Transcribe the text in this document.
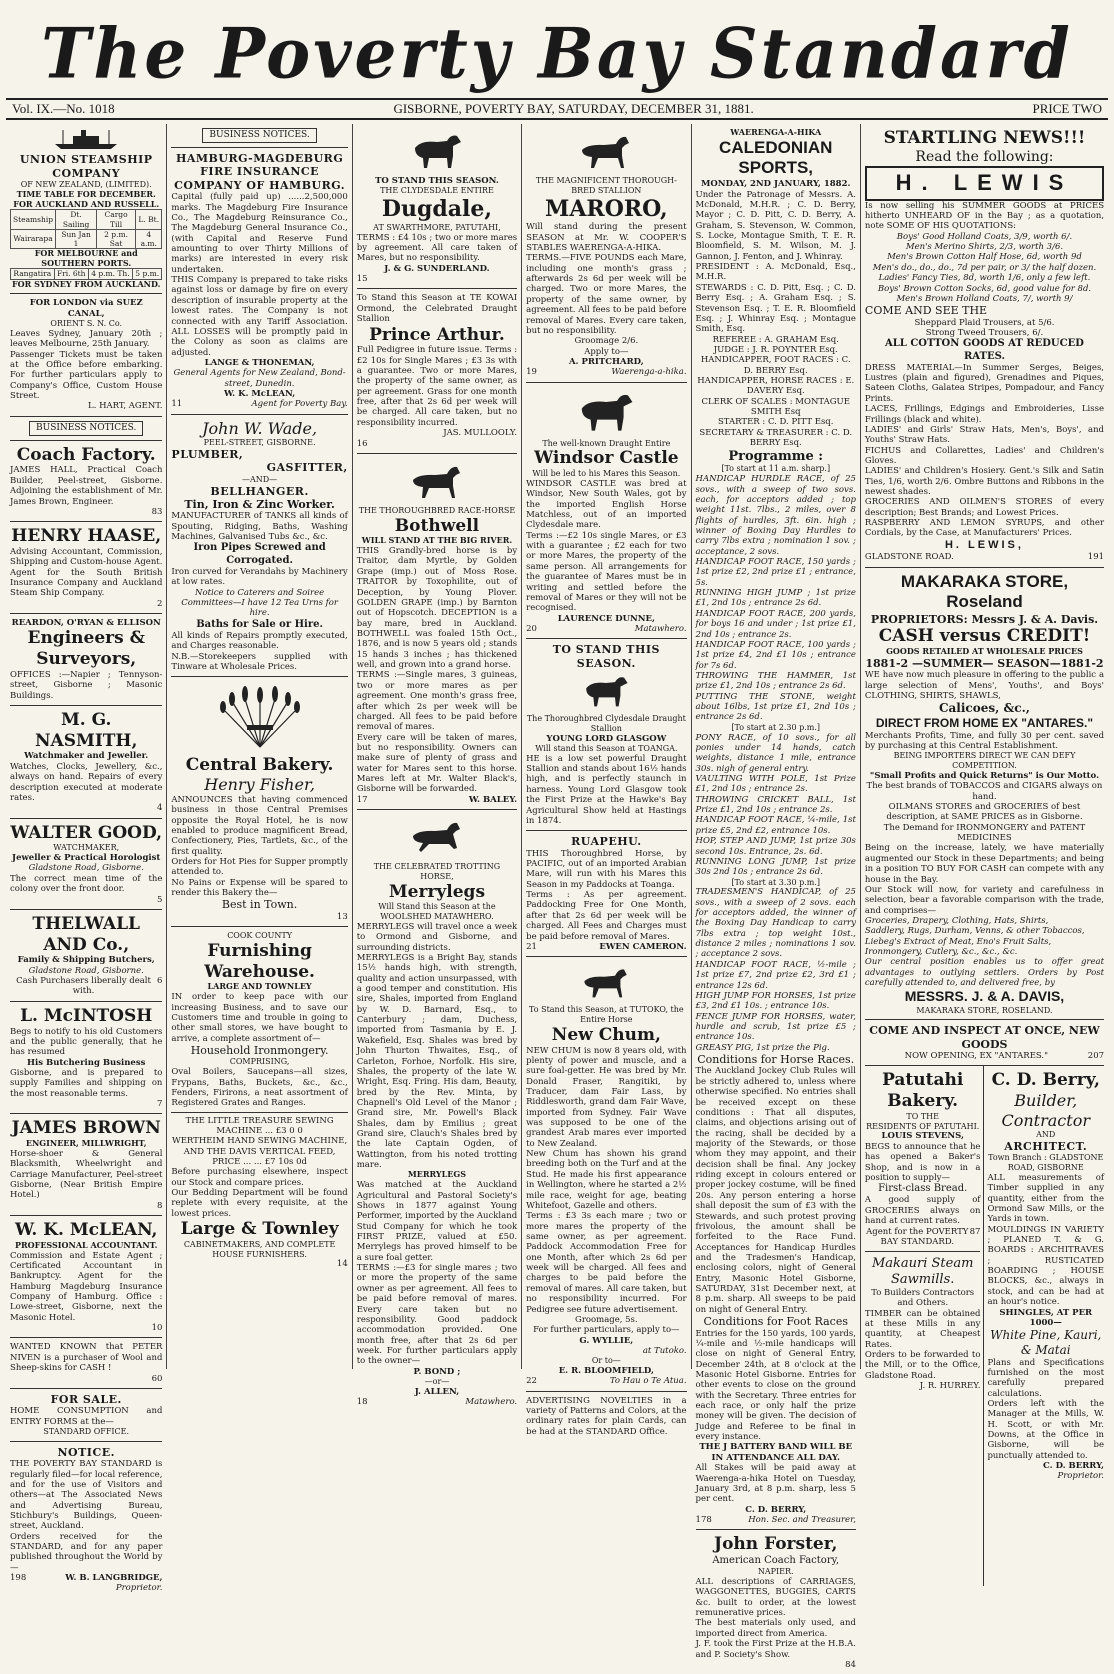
The Poverty Bay Standard
Vol. IX.—No. 1018	GISBORNE, POVERTY BAY, SATURDAY, DECEMBER 31, 1881.	PRICE TWO
UNION STEAMSHIP COMPANY
OF NEW ZEALAND, (LIMITED).
TIME TABLE FOR DECEMBER.
FOR AUCKLAND AND RUSSELL.
Steamship	Dt. Sailing	Cargo Till	L. Bt.
Wairarapa	Sun Jan 1	2 p.m. Sat	4 a.m.
FOR MELBOURNE and SOUTHERN PORTS.
Rangatira	Fri. 6th	4 p.m. Th.	5 p.m.
FOR SYDNEY FROM AUCKLAND.
FOR LONDON via SUEZ CANAL,
ORIENT S. N. Co.
Leaves Sydney, January 20th ; leaves Melbourne, 25th January.
Passenger Tickets must be taken at the Office before embarking. For further particulars apply to Company's Office, Custom House Street.
L. HART, AGENT.
BUSINESS NOTICES.
Coach Factory.
JAMES HALL, Practical Coach Builder, Peel-street, Gisborne. Adjoining the establishment of Mr. James Brown, Engineer.
83
HENRY HAASE,
Advising Accountant, Commission, Shipping and Custom-house Agent. Agent for the South British Insurance Company and Auckland Steam Ship Company.
2
REARDON, O'RYAN & ELLISON
Engineers & Surveyors,
OFFICES :—Napier ; Tennyson-street, Gisborne ; Masonic Buildings.
M. G. NASMITH,
Watchmaker and Jeweller.
Watches, Clocks, Jewellery, &c., always on hand. Repairs of every description executed at moderate rates.
4
WALTER GOOD,
WATCHMAKER,
Jeweller & Practical Horologist
Gladstone Road, Gisborne.
The correct mean time of the colony over the front door.
5
THELWALL AND Co.,
Family & Shipping Butchers,
Gladstone Road, Gisborne.
Cash Purchasers liberally dealt with.
6
L. McINTOSH
Begs to notify to his old Customers and the public generally, that he has resumed
His Butchering Business
Gisborne, and is prepared to supply Families and shipping on the most reasonable terms.
7
JAMES BROWN
ENGINEER, MILLWRIGHT,
Horse-shoer & General Blacksmith, Wheelwright and Carriage Manufacturer, Peel-street Gisborne, (Near British Empire Hotel.)
8
W. K. McLEAN,
PROFESSIONAL ACCOUNTANT.
Commission and Estate Agent ; Certificated Accountant in Bankruptcy. Agent for the Hamburg Magdeburg Insurance Company of Hamburg. Office : Lowe-street, Gisborne, next the Masonic Hotel.
10
WANTED KNOWN that PETER NIVEN is a purchaser of Wool and Sheep-skins for CASH !
60
FOR SALE.
HOME CONSUMPTION and ENTRY FORMS at the—
STANDARD OFFICE.
NOTICE.
THE POVERTY BAY STANDARD is regularly filed—for local reference, and for the use of Visitors and others—at The Associated News and Advertising Bureau, Stichbury's Buildings, Queen-street, Auckland.
Orders received for the STANDARD, and for any paper published throughout the World by—
198	W. B. LANGBRIDGE,
Proprietor.
BUSINESS NOTICES.
HAMBURG-MAGDEBURG FIRE INSURANCE COMPANY OF HAMBURG.
Capital (fully paid up) ......2,500,000 marks. The Magdeburg Fire Insurance Co., The Magdeburg Reinsurance Co., The Magdeburg General Insurance Co., (with Capital and Reserve Fund amounting to over Thirty Millions of marks) are interested in every risk undertaken.
THIS Company is prepared to take risks against loss or damage by fire on every description of insurable property at the lowest rates. The Company is not connected with any Tariff Association. ALL LOSSES will be promptly paid in the Colony as soon as claims are adjusted.
LANGE & THONEMAN,
General Agents for New Zealand, Bond-street, Dunedin.
W. K. McLEAN,
11	Agent for Poverty Bay.
John W. Wade,
PEEL-STREET, GISBORNE.
PLUMBER,
GASFITTER,
—AND—
BELLHANGER.
Tin, Iron & Zinc Worker.
MANUFACTURER of TANKS all kinds of Spouting, Ridging, Baths, Washing Machines, Galvanised Tubs &c., &c.
Iron Pipes Screwed and Corrogated.
Iron curved for Verandahs by Machinery at low rates.
Notice to Caterers and Soiree Committees—I have 12 Tea Urns for hire.
Baths for Sale or Hire.
All kinds of Repairs promptly executed, and Charges reasonable.
N.B.—Storekeepers supplied with Tinware at Wholesale Prices.
Central Bakery.
Henry Fisher,
ANNOUNCES that having commenced business in those Central Premises opposite the Royal Hotel, he is now enabled to produce magnificent Bread, Confectionery, Pies, Tartlets, &c., of the first quality.
Orders for Hot Pies for Supper promptly attended to.
No Pains or Expense will be spared to render this Bakery the—
Best in Town.
13
COOK COUNTY
Furnishing Warehouse.
LARGE AND TOWNLEY
IN order to keep pace with our increasing Business, and to save our Customers time and trouble in going to other small stores, we have bought to arrive, a complete assortment of—
Household Ironmongery.
COMPRISING,
Oval Boilers, Saucepans—all sizes, Frypans, Baths, Buckets, &c., &c., Fenders, Firirons, a neat assortment of Registered Grates and Ranges.
THE LITTLE TREASURE SEWING MACHINE ... £3 0 0
WERTHEIM HAND SEWING MACHINE, AND THE DAVIS VERTICAL FEED,
PRICE ... ... £7 10s 0d
Before purchasing elsewhere, inspect our Stock and compare prices.
Our Bedding Department will be found replete with every requisite, at the lowest prices.
Large & Townley
CABINETMAKERS, AND COMPLETE HOUSE FURNISHERS.
14
TO STAND THIS SEASON.
THE CLYDESDALE ENTIRE
Dugdale,
AT SWARTHMORE, PATUTAHI,
TERMS : £4 10s ; two or more mares by agreement. All care taken of Mares, but no responsibility.
J. & G. SUNDERLAND.
15
To Stand this Season at TE KOWAI Ormond, the Celebrated Draught Stallion
Prince Arthur.
Full Pedigree in future issue. Terms : £2 10s for Single Mares ; £3 3s with a guarantee. Two or more Mares, the property of the same owner, as per agreement. Grass for one month free, after that 2s 6d per week will be charged. All care taken, but no responsibility incurred.
JAS. MULLOOLY.
16
THE THOROUGHBRED RACE-HORSE
Bothwell
WILL STAND AT THE BIG RIVER.
THIS Grandly-bred horse is by Traitor, dam Myrtle, by Golden Grape (imp.) out of Moss Rose. TRAITOR by Toxophilite, out of Deception, by Young Plover. GOLDEN GRAPE (imp.) by Barnton out of Hopscotch. DECEPTION is a bay mare, bred in Auckland. BOTHWELL was foaled 15th Oct., 1876, and is now 5 years old ; stands 15 hands 3 inches ; has thickened well, and grown into a grand horse.
TERMS :—Single mares, 3 guineas, two or more mares as per agreement. One month's grass free, after which 2s per week will be charged. All fees to be paid before removal of mares.
Every care will be taken of mares, but no responsibility. Owners can make sure of plenty of grass and water for Mares sent to this horse. Mares left at Mr. Walter Black's, Gisborne will be forwarded.
17	W. BALEY.
THE CELEBRATED TROTTING HORSE,
Merrylegs
Will Stand this Season at the WOOLSHED MATAWHERO.
MERRYLEGS will travel once a week to Ormond and Gisborne, and surrounding districts.
MERRYLEGS is a Bright Bay, stands 15½ hands high, with strength, quality and action unsurpassed, with a good temper and constitution. His sire, Shales, imported from England by W. D. Barnard, Esq., to Canterbury ; dam, Duchess, imported from Tasmania by E. J. Wakefield, Esq. Shales was bred by John Thurton Thwaites, Esq., of Carleton, Forhoe, Norfolk. His sire, Shales, the property of the late W. Wright, Esq. Fring. His dam, Beauty, bred by the Rev. Minta, by Chapnell's Old Level of the Manor ; Grand sire, Mr. Powell's Black Shales, dam by Emilius ; great Grand sire, Clauch's Shales bred by the late Captain Ogden, of Wattington, from his noted trotting mare.
MERRYLEGS
Was matched at the Auckland Agricultural and Pastoral Society's Shows in 1877 against Young Performer, imported by the Auckland Stud Company for which he took FIRST PRIZE, valued at £50. Merrylegs has proved himself to be a sure foal getter.
TERMS :—£3 for single mares ; two or more the property of the same owner as per agreement. All fees to be paid before removal of mares. Every care taken but no responsibility. Good paddock accommodation provided. One month free, after that 2s 6d per week. For further particulars apply to the owner—
P. BOND ;
—or—
J. ALLEN,
18	Matawhero.
THE MAGNIFICENT THOROUGH-BRED STALLION
MARORO,
Will stand during the present SEASON at Mr. W. COOPER'S STABLES WAERENGA-A-HIKA.
TERMS.—FIVE POUNDS each Mare, including one month's grass ; afterwards 2s 6d per week will be charged. Two or more Mares, the property of the same owner, by agreement. All fees to be paid before removal of Mares. Every care taken, but no responsibility.
Groomage 2/6.
Apply to—
A. PRITCHARD,
19	Waerenga-a-hika.
The well-known Draught Entire
Windsor Castle
Will be led to his Mares this Season.
WINDSOR CASTLE was bred at Windsor, New South Wales, got by the imported English Horse Matchless, out of an imported Clydesdale mare.
Terms :—£2 10s single Mares, or £3 with a guarantee ; £2 each for two or more Mares, the property of the same person. All arrangements for the guarantee of Mares must be in writing and settled before the removal of Mares or they will not be recognised.
LAURENCE DUNNE,
20	Matawhero.
TO STAND THIS SEASON.
The Thoroughbred Clydesdale Draught Stallion
YOUNG LORD GLASGOW
Will stand this Season at TOANGA.
HE is a low set powerful Draught Stallion and stands about 16½ hands high, and is perfectly staunch in harness. Young Lord Glasgow took the First Prize at the Hawke's Bay Agricultural Show held at Hastings in 1874.
RUAPEHU.
THIS Thoroughbred Horse, by PACIFIC, out of an imported Arabian Mare, will run with his Mares this Season in my Paddocks at Toanga.
Terms : As per agreement. Paddocking Free for One Month, after that 2s 6d per week will be charged. All Fees and Charges must be paid before removal of Mares.
21	EWEN CAMERON.
To Stand this Season, at TUTOKO, the Entire Horse
New Chum,
NEW CHUM is now 8 years old, with plenty of power and muscle, and a sure foal-getter. He was bred by Mr. Donald Fraser, Rangitiki, by Traducer, dam Fair Lass, by Riddlesworth, grand dam Fair Wave, imported from Sydney. Fair Wave was supposed to be one of the grandest Arab mares ever imported to New Zealand.
New Chum has shown his grand breeding both on the Turf and at the Stud. He made his first appearance in Wellington, where he started a 2½ mile race, weight for age, beating Whitefoot, Gazelle and others.
Terms : £3 3s each mare ; two or more mares the property of the same owner, as per agreement. Paddock Accommodation Free for one Month, after which 2s 6d per week will be charged. All fees and charges to be paid before the removal of mares. All care taken, but no responsibility incurred. For Pedigree see future advertisement.
Groomage, 5s.
For further particulars, apply to—
G. WYLLIE,
at Tutoko.
Or to—
E. R. BLOOMFIELD,
22	To Hau o Te Atua.
ADVERTISING NOVELTIES in a variety of Patterns and Colors, at the ordinary rates for plain Cards, can be had at the STANDARD Office.
WAERENGA-A-HIKA
CALEDONIAN SPORTS,
MONDAY, 2ND JANUARY, 1882.
Under the Patronage of Messrs. A. McDonald, M.H.R. ; C. D. Berry, Mayor ; C. D. Pitt, C. D. Berry, A. Graham, S. Stevenson, W. Common, S. Locke, Montague Smith, T. E. R. Bloomfield, S. M. Wilson, M. J. Gannon, J. Fenton, and J. Whinray.
PRESIDENT : A. McDonald, Esq., M.H.R.
STEWARDS : C. D. Pitt, Esq. ; C. D. Berry Esq. ; A. Graham Esq. ; S. Stevenson Esq. ; T. E. R. Bloomfield Esq. ; J. Whinray Esq. ; Montague Smith, Esq.
REFEREE : A. GRAHAM Esq.
JUDGE : J. R. POYNTER Esq.
HANDICAPPER, FOOT RACES : C. D. BERRY Esq.
HANDICAPPER, HORSE RACES : E. DAVERY Esq.
CLERK OF SCALES : MONTAGUE SMITH Esq
STARTER : C. D. PITT Esq.
SECRETARY & TREASURER : C. D. BERRY Esq.
Programme :
[To start at 11 a.m. sharp.]
HANDICAP HURDLE RACE, of 25 sovs., with a sweep of two sovs. each, for acceptors added ; top weight 11st. 7lbs., 2 miles, over 8 flights of hurdles, 3ft. 6in. high ; winner of Boxing Day Hurdles to carry 7lbs extra ; nomination 1 sov. ; acceptance, 2 sovs.
HANDICAP FOOT RACE, 150 yards ; 1st prize £2, 2nd prize £1 ; entrance, 5s.
RUNNING HIGH JUMP ; 1st prize £1, 2nd 10s ; entrance 2s 6d.
HANDICAP FOOT RACE, 200 yards, for boys 16 and under ; 1st prize £1, 2nd 10s ; entrance 2s.
HANDICAP FOOT RACE, 100 yards ; 1st prize £4, 2nd £1 10s ; entrance for 7s 6d.
THROWING THE HAMMER, 1st prize £1, 2nd 10s ; entrance 2s 6d.
PUTTING THE STONE, weight about 16lbs, 1st prize £1, 2nd 10s ; entrance 2s 6d.
[To start at 2.30 p.m.]
PONY RACE, of 10 sovs., for all ponies under 14 hands, catch weights, distance 1 mile, entrance 30s. nigh of general entry.
VAULTING WITH POLE, 1st Prize £1, 2nd 10s ; entrance 2s.
THROWING CRICKET BALL, 1st Prize £1, 2nd 10s ; entrance 2s.
HANDICAP FOOT RACE, ¼-mile, 1st prize £5, 2nd £2, entrance 10s.
HOP, STEP AND JUMP, 1st prize 30s second 10s. Entrance, 2s. 6d.
RUNNING LONG JUMP, 1st prize 30s 2nd 10s ; entrance 2s 6d.
[To start at 3.30 p.m.]
TRADESMEN'S HANDICAP, of 25 sovs., with a sweep of 2 sovs. each for acceptors added, the winner of the Boxing Day Handicap to carry 7lbs extra ; top weight 10st., distance 2 miles ; nominations 1 sov. ; acceptance 2 sovs.
HANDICAP FOOT RACE, ½-mile ; 1st prize £7, 2nd prize £2, 3rd £1 ; entrance 12s 6d.
HIGH JUMP FOR HORSES, 1st prize £3, 2nd £1 10s. ; entrance 10s.
FENCE JUMP FOR HORSES, water, hurdle and scrub, 1st prize £5 ; entrance 10s.
GREASY PIG, 1st prize the Pig.
Conditions for Horse Races.
The Auckland Jockey Club Rules will be strictly adhered to, unless where otherwise specified. No entries shall be received except on these conditions : That all disputes, claims, and objections arising out of the racing, shall be decided by a majority of the Stewards, or those whom they may appoint, and their decision shall be final. Any jockey riding except in colours entered or proper jockey costume, will be fined 20s. Any person entering a horse shall deposit the sum of £3 with the Stewards, and such protest proving frivolous, the amount shall be forfeited to the Race Fund. Acceptances for Handicap Hurdles and the Tradesmen's Handicap, enclosing colors, night of General Entry, Masonic Hotel Gisborne, SATURDAY, 31st December next, at 8 p.m. sharp. All sweeps to be paid on night of General Entry.
Conditions for Foot Races
Entries for the 150 yards, 100 yards, ¼-mile and ½-mile handicaps will close on night of General Entry, December 24th, at 8 o'clock at the Masonic Hotel Gisborne. Entries for other events to close on the ground with the Secretary. Three entries for each race, or only half the prize money will be given. The decision of Judge and Referee to be final in every instance.
THE J BATTERY BAND WILL BE IN ATTENDANCE ALL DAY.
All Stakes will be paid away at Waerenga-a-hika Hotel on Tuesday, January 3rd, at 8 p.m. sharp, less 5 per cent.
C. D. BERRY,
178	Hon. Sec. and Treasurer,
John Forster,
American Coach Factory,
NAPIER.
ALL descriptions of CARRIAGES, WAGGONETTES, BUGGIES, CARTS &c. built to order, at the lowest remunerative prices.
The best materials only used, and imported direct from America.
J. F. took the First Prize at the H.B.A. and P. Society's Show.
84
STARTLING NEWS!!!
Read the following:
H. LEWIS
Is now selling his SUMMER GOODS at PRICES hitherto UNHEARD OF in the Bay ; as a quotation, note SOME OF HIS QUOTATIONS:
Boys' Good Holland Coats, 3/9, worth 6/.
Men's Merino Shirts, 2/3, worth 3/6.
Men's Brown Cotton Half Hose, 6d, worth 9d
Men's do., do., do., 7d per pair, or 3/ the half dozen.
Ladies' Fancy Ties, 8d, worth 1/6, only a few left.
Boys' Brown Cotton Socks, 6d, good value for 8d.
Men's Brown Holland Coats, 7/, worth 9/
COME AND SEE THE
Sheppard Plaid Trousers, at 5/6.
Strong Tweed Trousers, 6/.
ALL COTTON GOODS AT REDUCED RATES.
DRESS MATERIAL—In Summer Serges, Beiges, Lustres (plain and figured), Grenadines and Piques, Sateen Cloths, Galatea Stripes, Pompadour, and Fancy Prints.
LACES, Frillings, Edgings and Embroideries, Lisse Frillings (black and white).
LADIES' and Girls' Straw Hats, Men's, Boys', and Youths' Straw Hats.
FICHUS and Collarettes, Ladies' and Children's Gloves.
LADIES' and Children's Hosiery. Gent.'s Silk and Satin Ties, 1/6, worth 2/6. Ombre Buttons and Ribbons in the newest shades.
GROCERIES AND OILMEN'S STORES of every description; Best Brands; and Lowest Prices.
RASPBERRY AND LEMON SYRUPS, and other Cordials, by the Case, at Manufacturers' Prices.
H. LEWIS,
GLADSTONE ROAD.	191
MAKARAKA STORE, Roseland
PROPRIETORS: Messrs J. & A. Davis.
CASH versus CREDIT!
GOODS RETAILED AT WHOLESALE PRICES
1881-2 —SUMMER— SEASON—1881-2
WE have now much pleasure in offering to the public a large selection of Mens', Youths', and Boys' CLOTHING, SHIRTS, SHAWLS,
Calicoes, &c.,
DIRECT FROM HOME EX "ANTARES."
Merchants Profits, Time, and fully 30 per cent. saved by purchasing at this Central Establishment.
BEING IMPORTERS DIRECT WE CAN DEFY COMPETITION.
"Small Profits and Quick Returns" is Our Motto.
The best brands of TOBACCOS and CIGARS always on hand.
OILMANS STORES and GROCERIES of best description, at SAME PRICES as in Gisborne.
The Demand for IRONMONGERY and PATENT MEDICINES
Being on the increase, lately, we have materially augmented our Stock in these Departments; and being in a position TO BUY FOR CASH can compete with any house in the Bay.
Our Stock will now, for variety and carefulness in selection, bear a favorable comparison with the trade, and comprises—
Groceries, Drapery, Clothing, Hats, Shirts,
Saddlery, Rugs, Durham, Venns, & other Tobaccos,
Liebeg's Extract of Meat, Eno's Fruit Salts,
Ironmongery, Cutlery, &c., &c., &c.
Our central position enables us to offer great advantages to outlying settlers. Orders by Post carefully attended to, and delivered free, by
MESSRS. J. & A. DAVIS,
MAKARAKA STORE, ROSELAND.
COME AND INSPECT AT ONCE, NEW GOODS
NOW OPENING, EX "ANTARES."	207
Patutahi Bakery.
TO THE
RESIDENTS OF PATUTAHI.
LOUIS STEVENS,
BEGS to announce that he has opened a Baker's Shop, and is now in a position to supply—
First-class Bread.
A good supply of GROCERIES always on hand at current rates.
Agent for the POVERTY BAY STANDARD.
87
Makauri Steam Sawmills.
To Builders Contractors and Others.
TIMBER can be obtained at these Mills in any quantity, at Cheapest Rates.
Orders to be forwarded to the Mill, or to the Office, Gladstone Road.
J. R. HURREY.
C. D. Berry,
Builder, Contractor
AND
ARCHITECT.
Town Branch : GLADSTONE ROAD, GISBORNE
ALL measurements of Timber supplied in any quantity, either from the Ormond Saw Mills, or the Yards in town.
MOULDINGS IN VARIETY ; PLANED T. & G. BOARDS : ARCHITRAVES ; RUSTICATED BOARDING ; HOUSE BLOCKS, &c., always in stock, and can be had at an hour's notice.
SHINGLES, AT PER 1000—
White Pine, Kauri, & Matai
Plans and Specifications furnished on the most carefully prepared calculations.
Orders left with the Manager at the Mills, W. H. Scott, or with Mr. Downs, at the Office in Gisborne, will be punctually attended to.
C. D. BERRY,
Proprietor.
